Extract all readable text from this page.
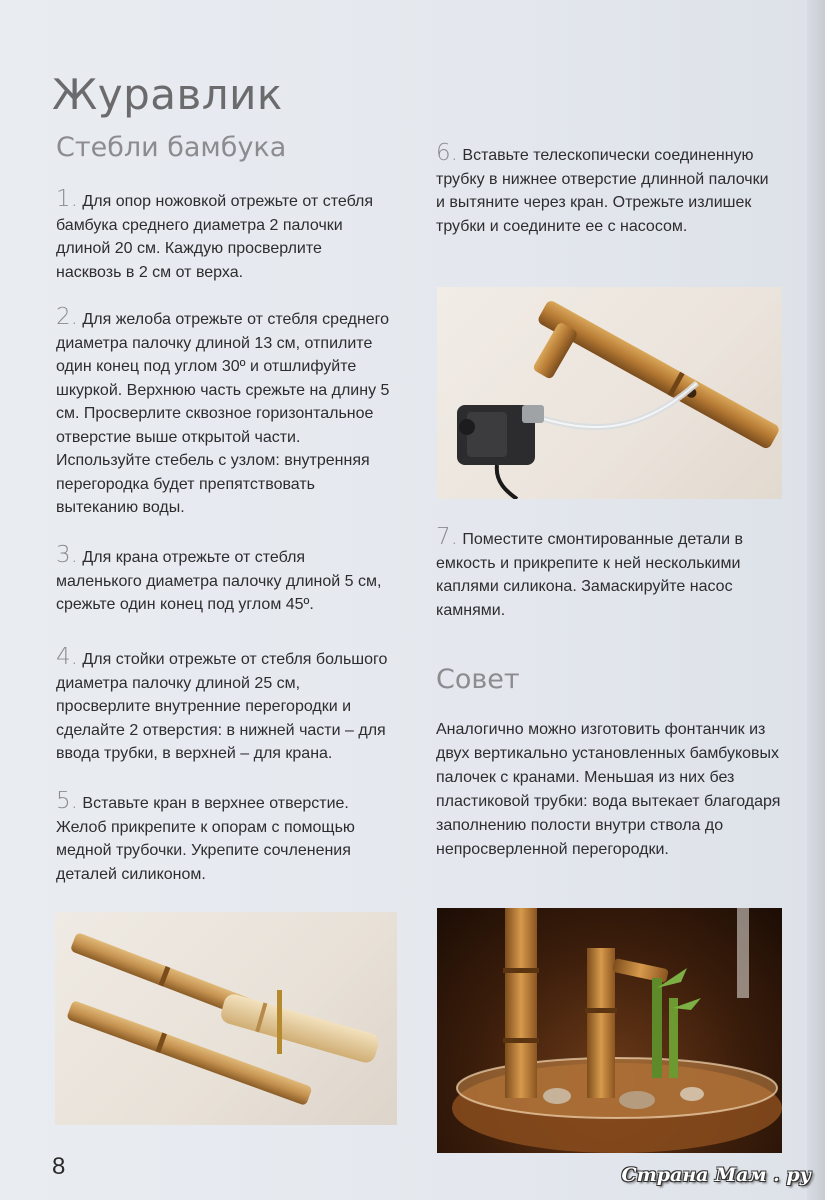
Журавлик
Стебли бамбука

1. Для опор ножовкой отрежьте от стебля бамбука среднего диаметра 2 палочки длиной 20 см. Каждую просверлите насквозь в 2 см от верха.

2. Для желоба отрежьте от стебля среднего диаметра палочку длиной 13 см, отпилите один конец под углом 30º и отшлифуйте шкуркой. Верхнюю часть срежьте на длину 5 см. Просверлите сквозное горизонтальное отверстие выше открытой части. Используйте стебель с узлом: внутренняя перегородка будет препятствовать вытеканию воды.

3. Для крана отрежьте от стебля маленького диаметра палочку длиной 5 см, срежьте один конец под углом 45º.

4. Для стойки отрежьте от стебля большого диаметра палочку длиной 25 см, просверлите внутренние перегородки и сделайте 2 отверстия: в нижней части – для ввода трубки, в верхней – для крана.

5. Вставьте кран в верхнее отверстие. Желоб прикрепите к опорам с помощью медной трубочки. Укрепите сочленения деталей силиконом.

6. Вставьте телескопически соединенную трубку в нижнее отверстие длинной палочки и вытяните через кран. Отрежьте излишек трубки и соедините ее с насосом.

7. Поместите смонтированные детали в емкость и прикрепите к ней несколькими каплями силикона. Замаскируйте насос камнями.

Совет

Аналогично можно изготовить фонтанчик из двух вертикально установленных бамбуковых палочек с кранами. Меньшая из них без пластиковой трубки: вода вытекает благодаря заполнению полости внутри ствола до непросверленной перегородки.

8	Страна Мам . ру
